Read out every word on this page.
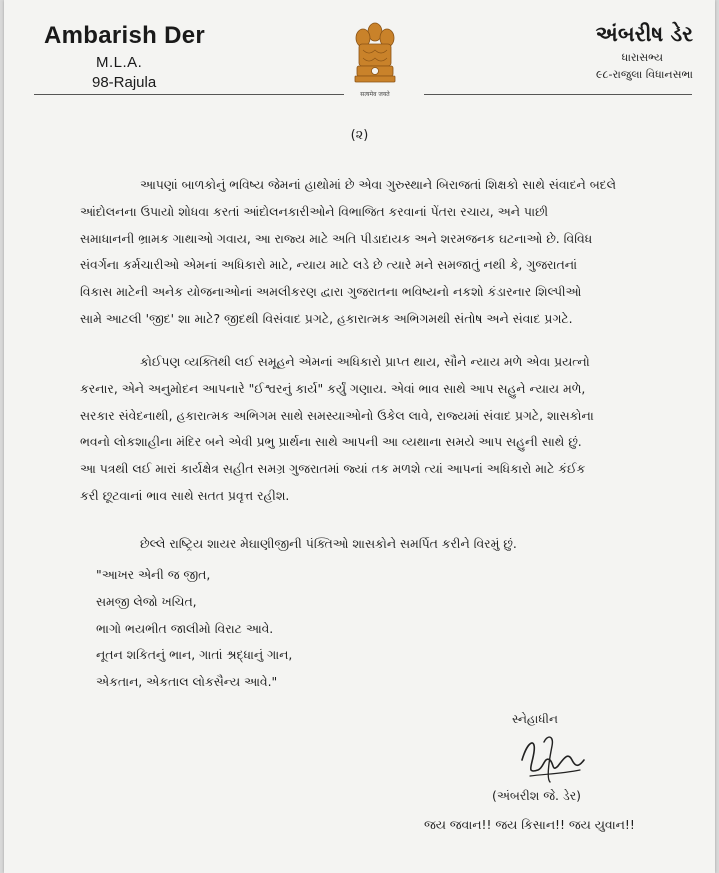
Ambarish Der
M.L.A.
98-Rajula
सत्यमेव जयते
અંબરીષ ડેર
ધારાસભ્ય
૯૮-રાજુલા વિધાનસભા
(૨)
આપણાં બાળકોનું ભવિષ્ય જેમનાં હાથોમાં છે એવા ગુરુસ્થાને બિરાજતાં શિક્ષકો સાથે સંવાદને બદલે
આંદોલનના ઉપાયો શોધવા કરતાં આંદોલનકારીઓને વિભાજિત કરવાનાં પેંતરા રચાય, અને પાછી
સમાધાનની ભ્રામક ગાથાઓ ગવાય, આ રાજ્ય માટે અતિ પીડાદાયક અને શરમજનક ઘટનાઓ છે. વિવિધ
સંવર્ગના કર્મચારીઓ એમનાં અધિકારો માટે, ન્યાય માટે લડે છે ત્યારે મને સમજાતું નથી કે, ગુજરાતનાં
વિકાસ માટેની અનેક યોજનાઓનાં અમલીકરણ દ્વારા ગુજરાતના ભવિષ્યનો નકશો કંડારનાર શિલ્પીઓ
સામે આટલી 'જીદ' શા માટે? જીદથી વિસંવાદ પ્રગટે, હકારાત્મક અભિગમથી સંતોષ અને સંવાદ પ્રગટે.
કોઈપણ વ્યક્તિથી લઈ સમૂહને એમનાં અધિકારો પ્રાપ્ત થાય, સૌને ન્યાય મળે એવા પ્રયત્નો
કરનાર, એને અનુમોદન આપનારે "ઈશ્વરનું કાર્ય" કર્યું ગણાય. એવાં ભાવ સાથે આપ સહુને ન્યાય મળે,
સરકાર સંવેદનાથી, હકારાત્મક અભિગમ સાથે સમસ્યાઓનો ઉકેલ લાવે, રાજ્યમાં સંવાદ પ્રગટે, શાસકોના
ભવનો લોકશાહીના મંદિર બને એવી પ્રભુ પ્રાર્થના સાથે આપની આ વ્યથાના સમયે આપ સહુની સાથે છું.
આ પત્રથી લઈ મારાં કાર્યક્ષેત્ર સહીત સમગ્ર ગુજરાતમાં જ્યાં તક મળશે ત્યાં આપનાં અધિકારો માટે કંઈક
કરી છૂટવાનાં ભાવ સાથે સતત પ્રવૃત્ત રહીશ.
છેલ્લે રાષ્ટ્રિય શાયર મેઘાણીજીની પંક્તિઓ શાસકોને સમર્પિત કરીને વિરમું છું.
"આખર એની જ જીત,
સમજી લેજો ખચિત,
ભાગો ભયભીત જાલીમો વિરાટ આવે.
નૂતન શકિતનું ભાન, ગાતાં શ્રદ્ધાનું ગાન,
એકતાન, એકતાલ લોકસૈન્ય આવે."
સ્નેહાધીન
(અંબરીશ જે. ડેર)
જય જવાન!! જય કિસાન!! જય યુવાન!!
